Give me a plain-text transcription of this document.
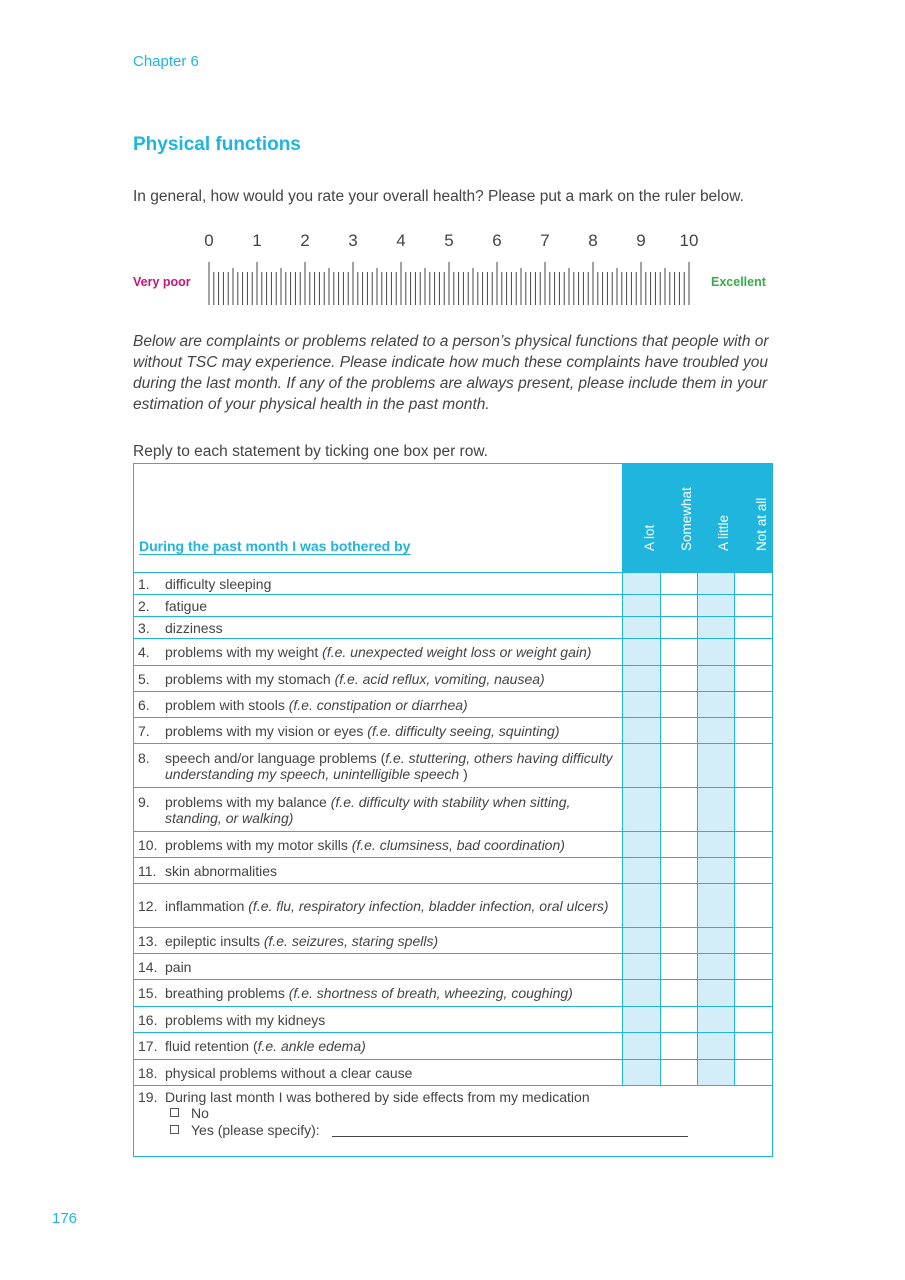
Chapter 6
Physical functions
In general, how would you rate your overall health? Please put a mark on the ruler below.
0 1 2 3 4 5 6 7 8 9 10
Very poor	Excellent

Below are complaints or problems related to a person’s physical functions that people with or without TSC may experience. Please indicate how much these complaints have troubled you during the last month. If any of the problems are always present, please include them in your estimation of your physical health in the past month.

Reply to each statement by ticking one box per row.
During the past month I was bothered by	A lot	Somewhat	A little	Not at all

1. difficulty sleeping				

2. fatigue				

3. dizziness				

4. problems with my weight (f.e. unexpected weight loss or weight gain)				

5. problems with my stomach (f.e. acid reflux, vomiting, nausea)				

6. problem with stools (f.e. constipation or diarrhea)				

7. problems with my vision or eyes (f.e. difficulty seeing, squinting)				

8. speech and/or language problems (f.e. stuttering, others having difficulty understanding my speech, unintelligible speech )				

9. problems with my balance (f.e. difficulty with stability when sitting, standing, or walking)				

10. problems with my motor skills (f.e. clumsiness, bad coordination)				

11. skin abnormalities				

12. inflammation (f.e. flu, respiratory infection, bladder infection, oral ulcers)				

13. epileptic insults (f.e. seizures, staring spells)				

14. pain				

15. breathing problems (f.e. shortness of breath, wheezing, coughing)				

16. problems with my kidneys				

17. fluid retention (f.e. ankle edema)				

18. physical problems without a clear cause				

19. During last month I was bothered by side effects from my medication
No
Yes (please specify):				
176
